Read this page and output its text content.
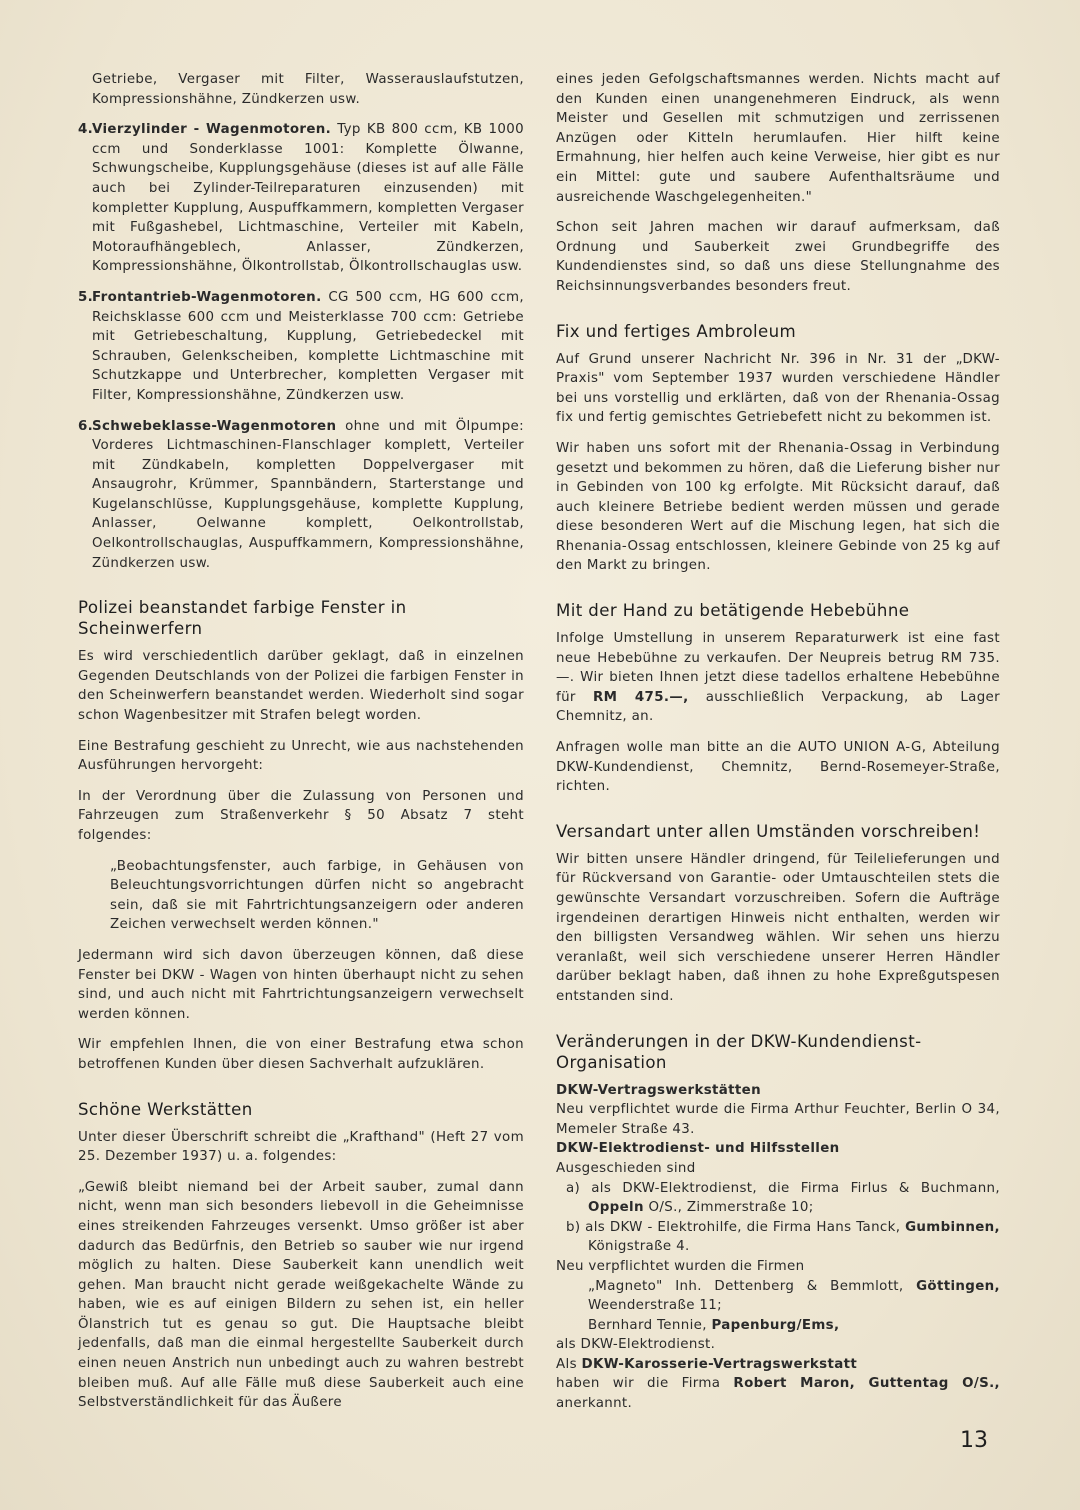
Getriebe, Vergaser mit Filter, Wasserauslaufstutzen, Kompressionshähne, Zündkerzen usw.

4.
Vierzylinder - Wagenmotoren. Typ KB 800 ccm, KB 1000 ccm und Sonderklasse 1001: Komplette Ölwanne, Schwungscheibe, Kupplungsgehäuse (dieses ist auf alle Fälle auch bei Zylinder-Teilreparaturen einzusenden) mit kompletter Kupplung, Auspuffkammern, kompletten Vergaser mit Fußgashebel, Lichtmaschine, Verteiler mit Kabeln, Motoraufhängeblech, Anlasser, Zündkerzen, Kompressionshähne, Ölkontrollstab, Ölkontrollschauglas usw.
5.
Frontantrieb-Wagenmotoren. CG 500 ccm, HG 600 ccm, Reichsklasse 600 ccm und Meisterklasse 700 ccm: Getriebe mit Getriebeschaltung, Kupplung, Getriebedeckel mit Schrauben, Gelenkscheiben, komplette Lichtmaschine mit Schutzkappe und Unterbrecher, kompletten Vergaser mit Filter, Kompressionshähne, Zündkerzen usw.
6.
Schwebeklasse-Wagenmotoren ohne und mit Ölpumpe: Vorderes Lichtmaschinen-Flanschlager komplett, Verteiler mit Zündkabeln, kompletten Doppelvergaser mit Ansaugrohr, Krümmer, Spannbändern, Starterstange und Kugelanschlüsse, Kupplungsgehäuse, komplette Kupplung, Anlasser, Oelwanne komplett, Oelkontrollstab, Oelkontrollschauglas, Auspuffkammern, Kompressionshähne, Zündkerzen usw.
Polizei beanstandet farbige Fenster in Scheinwerfern

Es wird verschiedentlich darüber geklagt, daß in einzelnen Gegenden Deutschlands von der Polizei die farbigen Fenster in den Scheinwerfern beanstandet werden. Wiederholt sind sogar schon Wagenbesitzer mit Strafen belegt worden.

Eine Bestrafung geschieht zu Unrecht, wie aus nachstehenden Ausführungen hervorgeht:

In der Verordnung über die Zulassung von Personen und Fahrzeugen zum Straßenverkehr § 50 Absatz 7 steht folgendes:

„Beobachtungsfenster, auch farbige, in Gehäusen von Beleuchtungsvorrichtungen dürfen nicht so angebracht sein, daß sie mit Fahrtrichtungsanzeigern oder anderen Zeichen verwechselt werden können."

Jedermann wird sich davon überzeugen können, daß diese Fenster bei DKW - Wagen von hinten überhaupt nicht zu sehen sind, und auch nicht mit Fahrtrichtungsanzeigern verwechselt werden können.

Wir empfehlen Ihnen, die von einer Bestrafung etwa schon betroffenen Kunden über diesen Sachverhalt aufzuklären.

Schöne Werkstätten

Unter dieser Überschrift schreibt die „Krafthand" (Heft 27 vom 25. Dezember 1937) u. a. folgendes:

„Gewiß bleibt niemand bei der Arbeit sauber, zumal dann nicht, wenn man sich besonders liebevoll in die Geheimnisse eines streikenden Fahrzeuges versenkt. Umso größer ist aber dadurch das Bedürfnis, den Betrieb so sauber wie nur irgend möglich zu halten. Diese Sauberkeit kann unendlich weit gehen. Man braucht nicht gerade weißgekachelte Wände zu haben, wie es auf einigen Bildern zu sehen ist, ein heller Ölanstrich tut es genau so gut. Die Hauptsache bleibt jedenfalls, daß man die einmal hergestellte Sauberkeit durch einen neuen Anstrich nun unbedingt auch zu wahren bestrebt bleiben muß. Auf alle Fälle muß diese Sauberkeit auch eine Selbstverständlichkeit für das Äußere

eines jeden Gefolgschaftsmannes werden. Nichts macht auf den Kunden einen unangenehmeren Eindruck, als wenn Meister und Gesellen mit schmutzigen und zerrissenen Anzügen oder Kitteln herumlaufen. Hier hilft keine Ermahnung, hier helfen auch keine Verweise, hier gibt es nur ein Mittel: gute und saubere Aufenthaltsräume und ausreichende Waschgelegenheiten."

Schon seit Jahren machen wir darauf aufmerksam, daß Ordnung und Sauberkeit zwei Grundbegriffe des Kundendienstes sind, so daß uns diese Stellungnahme des Reichsinnungsverbandes besonders freut.

Fix und fertiges Ambroleum

Auf Grund unserer Nachricht Nr. 396 in Nr. 31 der „DKW-Praxis" vom September 1937 wurden verschiedene Händler bei uns vorstellig und erklärten, daß von der Rhenania-Ossag fix und fertig gemischtes Getriebefett nicht zu bekommen ist.

Wir haben uns sofort mit der Rhenania-Ossag in Verbindung gesetzt und bekommen zu hören, daß die Lieferung bisher nur in Gebinden von 100 kg erfolgte. Mit Rücksicht darauf, daß auch kleinere Betriebe bedient werden müssen und gerade diese besonderen Wert auf die Mischung legen, hat sich die Rhenania-Ossag entschlossen, kleinere Gebinde von 25 kg auf den Markt zu bringen.

Mit der Hand zu betätigende Hebebühne

Infolge Umstellung in unserem Reparaturwerk ist eine fast neue Hebebühne zu verkaufen. Der Neupreis betrug RM 735.—. Wir bieten Ihnen jetzt diese tadellos erhaltene Hebebühne für RM 475.—, ausschließlich Verpackung, ab Lager Chemnitz, an.

Anfragen wolle man bitte an die AUTO UNION A-G, Abteilung DKW-Kundendienst, Chemnitz, Bernd-Rosemeyer-Straße, richten.

Versandart unter allen Umständen vorschreiben!

Wir bitten unsere Händler dringend, für Teilelieferungen und für Rückversand von Garantie- oder Umtauschteilen stets die gewünschte Versandart vorzuschreiben. Sofern die Aufträge irgendeinen derartigen Hinweis nicht enthalten, werden wir den billigsten Versandweg wählen. Wir sehen uns hierzu veranlaßt, weil sich verschiedene unserer Herren Händler darüber beklagt haben, daß ihnen zu hohe Expreßgutspesen entstanden sind.

Veränderungen in der DKW-Kundendienst-Organisation
DKW-Vertragswerkstätten
Neu verpflichtet wurde die Firma Arthur Feuchter, Berlin O 34, Memeler Straße 43.
DKW-Elektrodienst- und Hilfsstellen
Ausgeschieden sind
a) als DKW-Elektrodienst, die Firma Firlus & Buchmann, Oppeln O/S., Zimmerstraße 10;
b) als DKW - Elektrohilfe, die Firma Hans Tanck, Gumbinnen, Königstraße 4.
Neu verpflichtet wurden die Firmen
„Magneto" Inh. Dettenberg & Bemmlott, Göttingen, Weenderstraße 11;
Bernhard Tennie, Papenburg/Ems,
als DKW-Elektrodienst.
Als DKW-Karosserie-Vertragswerkstatt
haben wir die Firma Robert Maron, Guttentag O/S., anerkannt.
13
